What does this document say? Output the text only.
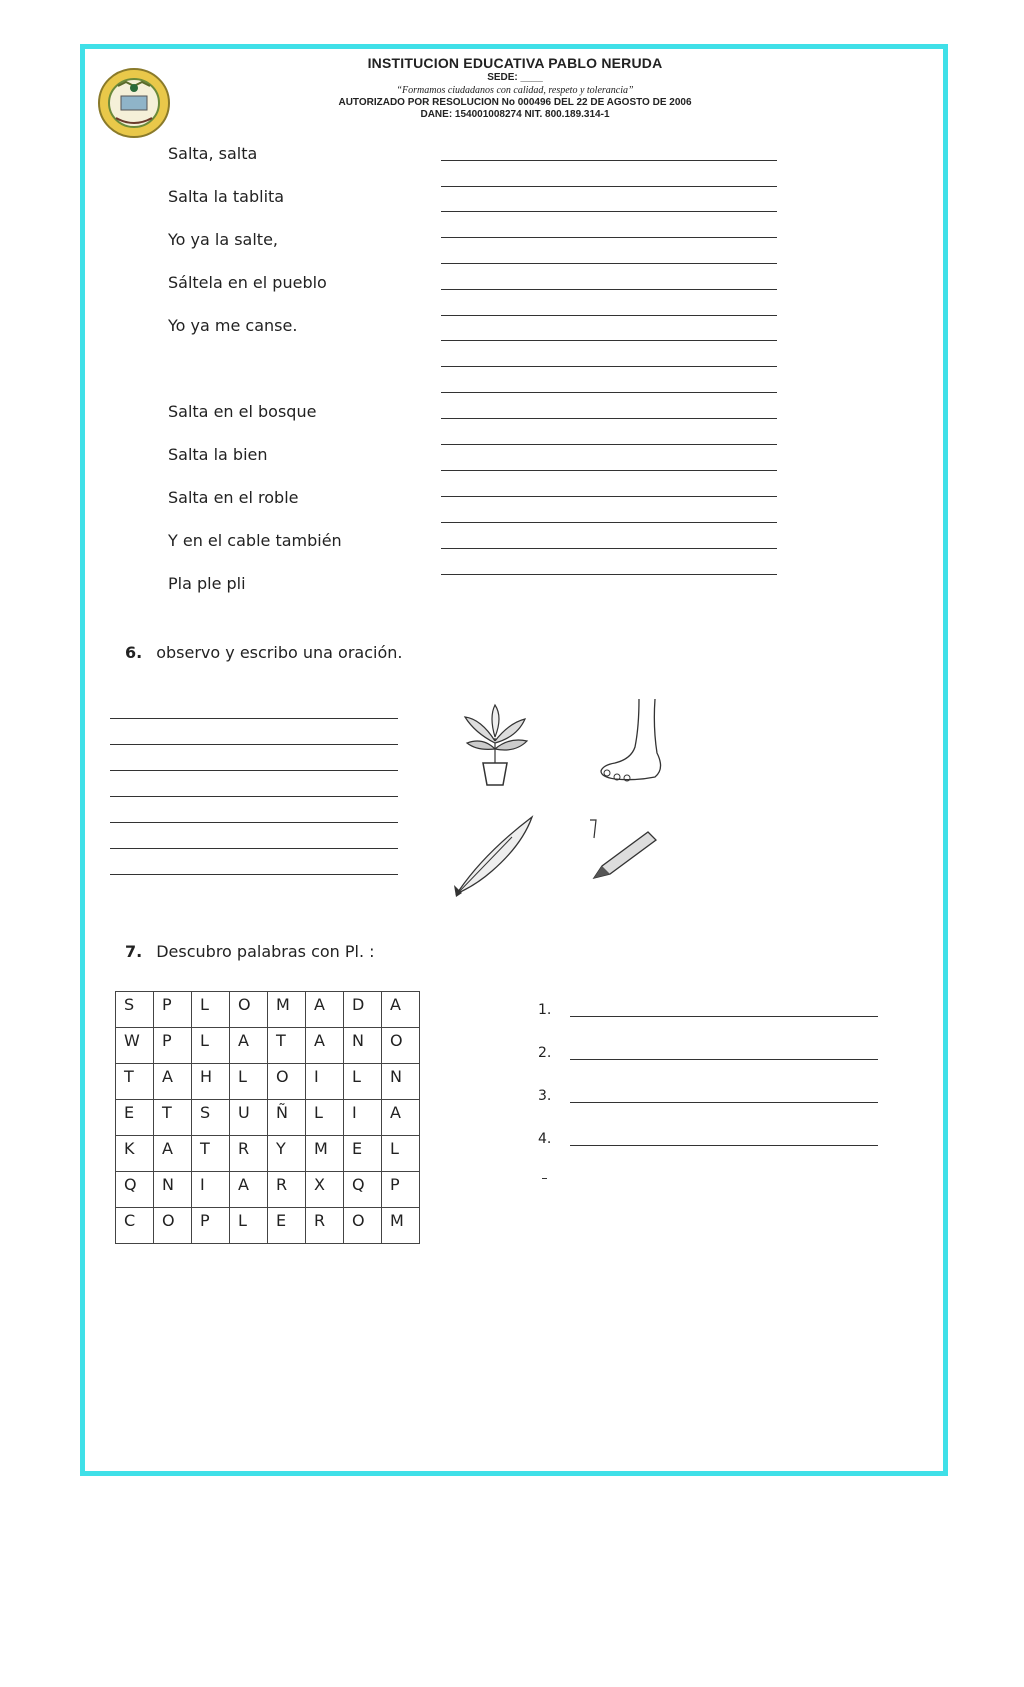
INSTITUCION EDUCATIVA PABLO NERUDA
SEDE: ____
“Formamos ciudadanos con calidad, respeto y tolerancia”
AUTORIZADO POR RESOLUCION No 000496 DEL 22 DE AGOSTO DE 2006
DANE: 154001008274 NIT. 800.189.314-1
Salta, salta
Salta la tablita
Yo ya la salte,
Sáltela en el pueblo
Yo ya me canse.
Salta en el bosque
Salta la bien
Salta en el roble
Y en el cable también
Pla ple pli
6. observo y escribo una oración.
7. Descubro palabras con Pl. :
S	P	L	O	M	A	D	A
W	P	L	A	T	A	N	O
T	A	H	L	O	I	L	N
E	T	S	U	Ñ	L	I	A
K	A	T	R	Y	M	E	L
Q	N	I	A	R	X	Q	P
C	O	P	L	E	R	O	M
1.
2.
3.
4.
